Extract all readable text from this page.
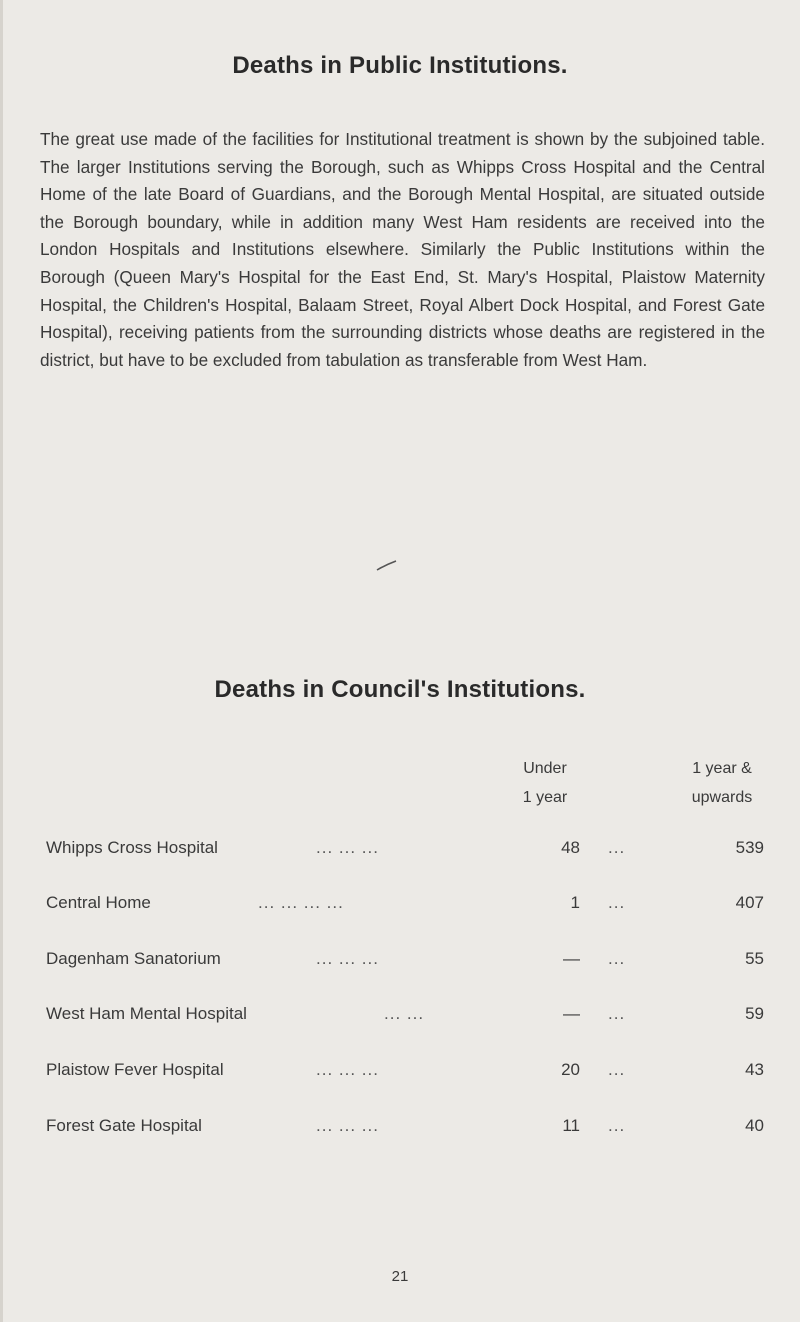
Deaths in Public Institutions.

The great use made of the facilities for Institutional treatment is shown by the subjoined table. The larger Institutions serving the Borough, such as Whipps Cross Hospital and the Central Home of the late Board of Guardians, and the Borough Mental Hospital, are situated outside the Borough boundary, while in addition many West Ham residents are received into the London Hospitals and Institutions elsewhere. Similarly the Public Institutions within the Borough (Queen Mary's Hospital for the East End, St. Mary's Hospital, Plaistow Maternity Hospital, the Children's Hospital, Balaam Street, Royal Albert Dock Hospital, and Forest Gate Hospital), receiving patients from the surrounding districts whose deaths are registered in the district, but have to be excluded from tabulation as transferable from West Ham.

Deaths in Council's Institutions.
Under
1 year
1 year &
upwards
Whipps Cross Hospital	... ... ...	48 ...	539
Central Home	... ... ... ...	1 ...	407
Dagenham Sanatorium	... ... ...	— ...	55
West Ham Mental Hospital	... ...	— ...	59
Plaistow Fever Hospital	... ... ...	20 ...	43
Forest Gate Hospital	... ... ...	11 ...	40
21
